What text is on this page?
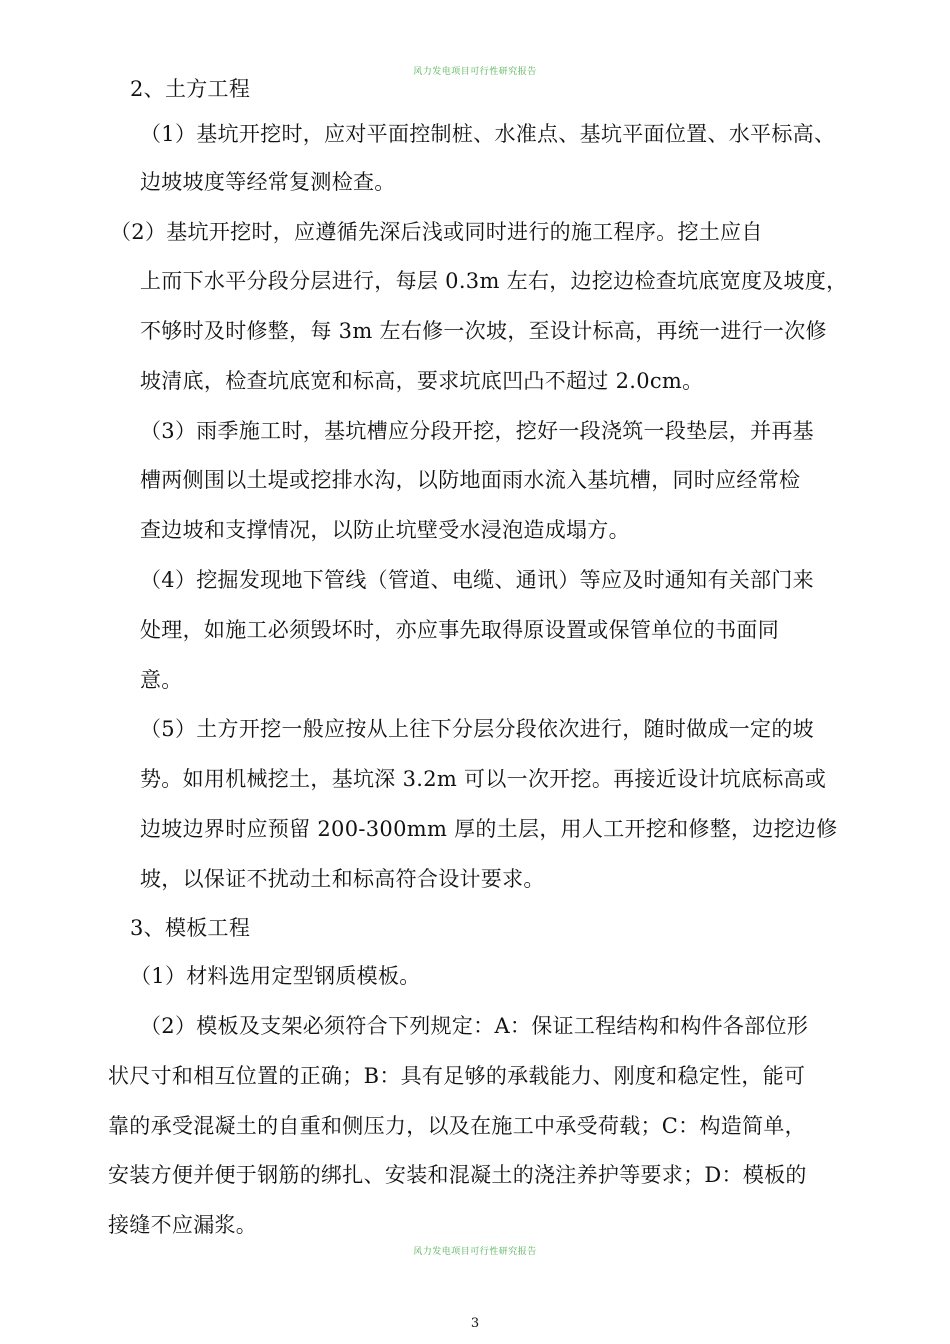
风力发电项目可行性研究报告
2、土方工程
（1）基坑开挖时，应对平面控制桩、水准点、基坑平面位置、水平标高、
边坡坡度等经常复测检查。
（2）基坑开挖时，应遵循先深后浅或同时进行的施工程序。挖土应自
上而下水平分段分层进行，每层 0.3m 左右，边挖边检查坑底宽度及坡度，
不够时及时修整，每 3m 左右修一次坡，至设计标高，再统一进行一次修
坡清底，检查坑底宽和标高，要求坑底凹凸不超过 2.0cm。
（3）雨季施工时，基坑槽应分段开挖，挖好一段浇筑一段垫层，并再基
槽两侧围以土堤或挖排水沟，以防地面雨水流入基坑槽，同时应经常检
查边坡和支撑情况，以防止坑壁受水浸泡造成塌方。
（4）挖掘发现地下管线（管道、电缆、通讯）等应及时通知有关部门来
处理，如施工必须毁坏时，亦应事先取得原设置或保管单位的书面同
意。
（5）土方开挖一般应按从上往下分层分段依次进行，随时做成一定的坡
势。如用机械挖土，基坑深 3.2m 可以一次开挖。再接近设计坑底标高或
边坡边界时应预留 200-300mm 厚的土层，用人工开挖和修整，边挖边修
坡，以保证不扰动土和标高符合设计要求。
3、模板工程
（1）材料选用定型钢质模板。
（2）模板及支架必须符合下列规定：A：保证工程结构和构件各部位形
状尺寸和相互位置的正确；B：具有足够的承载能力、刚度和稳定性，能可
靠的承受混凝土的自重和侧压力，以及在施工中承受荷载；C：构造简单，
安装方便并便于钢筋的绑扎、安装和混凝土的浇注养护等要求；D：模板的
接缝不应漏浆。
风力发电项目可行性研究报告
3
